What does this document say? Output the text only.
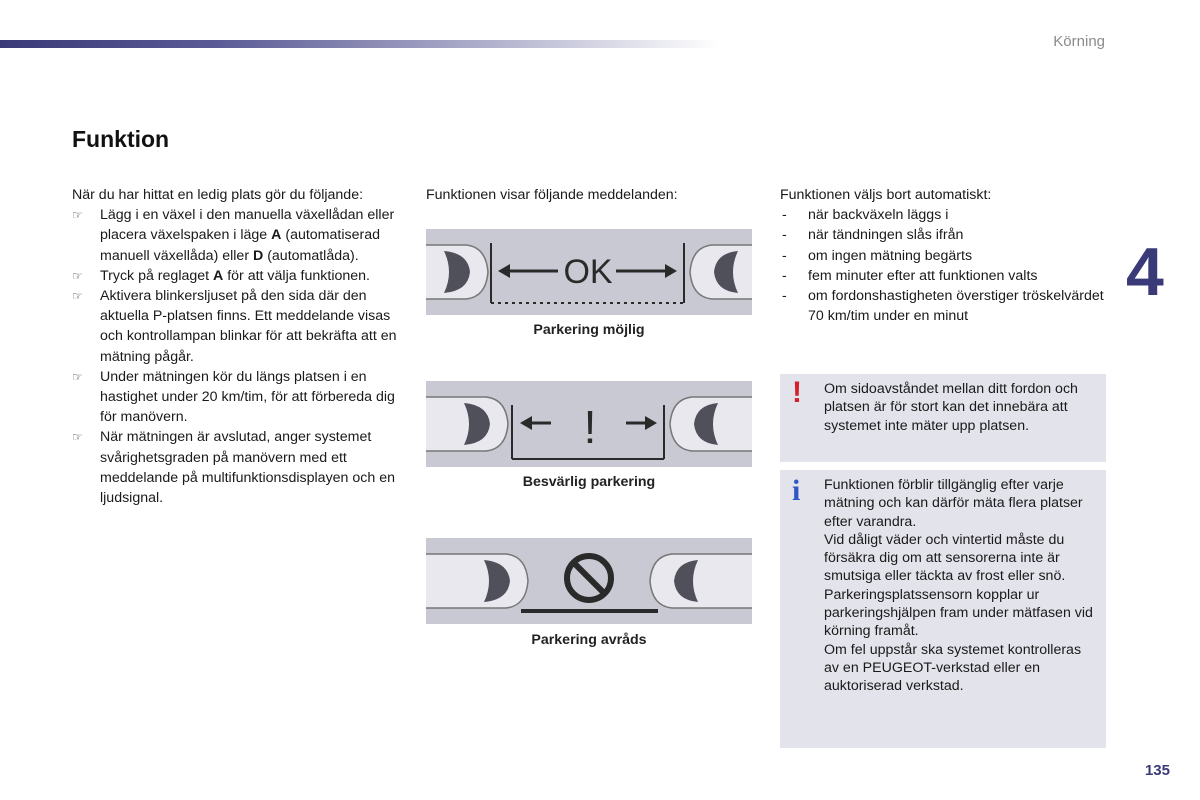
Körning
4
Funktion
När du har hittat en ledig plats gör du följande:
☞ Lägg i en växel i den manuella växellådan eller placera växelspaken i läge A (automatiserad manuell växellåda) eller D (automatlåda).
☞ Tryck på reglaget A för att välja funktionen.
☞ Aktivera blinkersljuset på den sida där den aktuella P-platsen finns. Ett meddelande visas och kontrollampan blinkar för att bekräfta att en mätning pågår.
☞ Under mätningen kör du längs platsen i en hastighet under 20 km/tim, för att förbereda dig för manövern.
☞ När mätningen är avslutad, anger systemet svårighetsgraden på manövern med ett meddelande på multifunktionsdisplayen och en ljudsignal.
Funktionen visar följande meddelanden:
OK
Parkering möjlig
!
Besvärlig parkering
Parkering avråds
Funktionen väljs bort automatiskt:
- när backväxeln läggs i
- när tändningen slås ifrån
- om ingen mätning begärts
- fem minuter efter att funktionen valts
- om fordonshastigheten överstiger tröskelvärdet 70 km/tim under en minut
! Om sidoavståndet mellan ditt fordon och platsen är för stort kan det innebära att systemet inte mäter upp platsen.
i Funktionen förblir tillgänglig efter varje mätning och kan därför mäta flera platser efter varandra.
Vid dåligt väder och vintertid måste du försäkra dig om att sensorerna inte är smutsiga eller täckta av frost eller snö.
Parkeringsplatssensorn kopplar ur parkeringshjälpen fram under mätfasen vid körning framåt.
Om fel uppstår ska systemet kontrolleras av en PEUGEOT-verkstad eller en auktoriserad verkstad.
135
